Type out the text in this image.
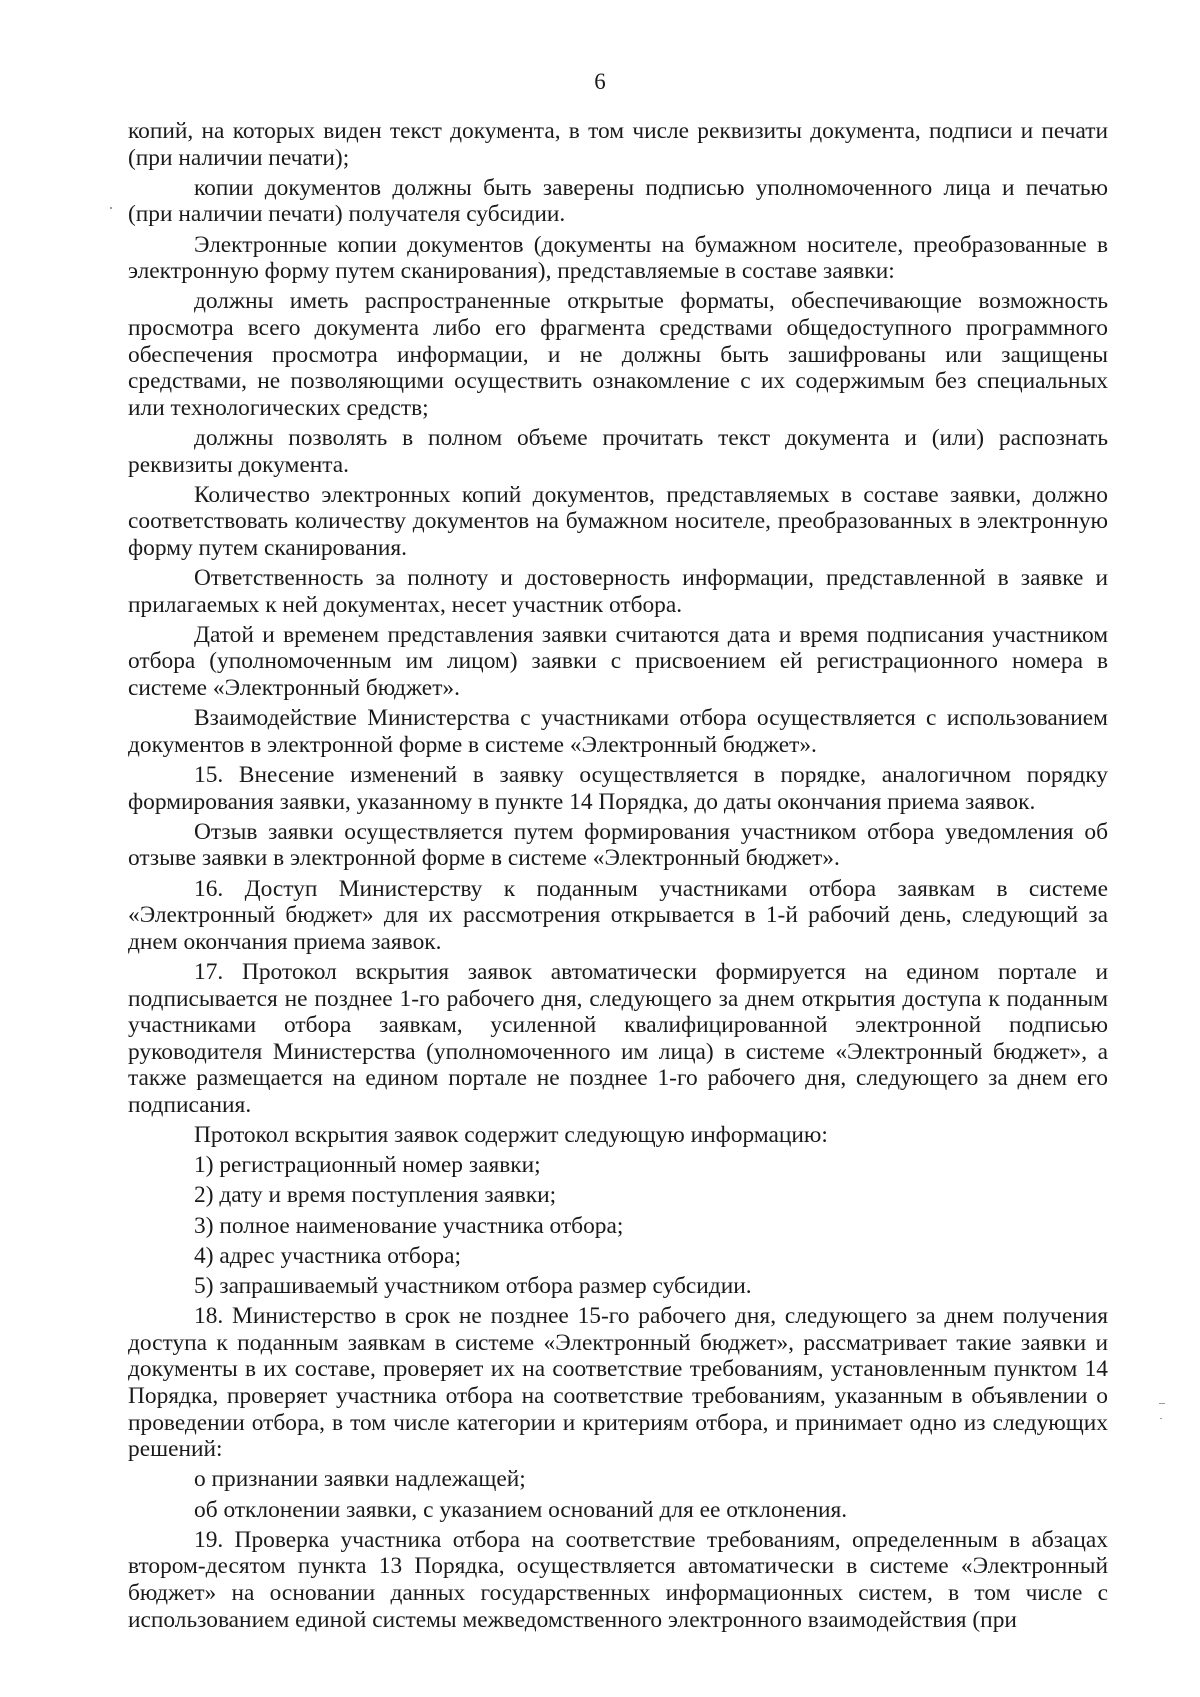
6

копий, на которых виден текст документа, в том числе реквизиты документа, подписи и печати (при наличии печати);

копии документов должны быть заверены подписью уполномоченного лица и печатью (при наличии печати) получателя субсидии.

Электронные копии документов (документы на бумажном носителе, преобразованные в электронную форму путем сканирования), представляемые в составе заявки:

должны иметь распространенные открытые форматы, обеспечивающие возможность просмотра всего документа либо его фрагмента средствами общедоступного программного обеспечения просмотра информации, и не должны быть зашифрованы или защищены средствами, не позволяющими осуществить ознакомление с их содержимым без специальных или технологических средств;

должны позволять в полном объеме прочитать текст документа и (или) распознать реквизиты документа.

Количество электронных копий документов, представляемых в составе заявки, должно соответствовать количеству документов на бумажном носителе, преобразованных в электронную форму путем сканирования.

Ответственность за полноту и достоверность информации, представленной в заявке и прилагаемых к ней документах, несет участник отбора.

Датой и временем представления заявки считаются дата и время подписания участником отбора (уполномоченным им лицом) заявки с присвоением ей регистрационного номера в системе «Электронный бюджет».

Взаимодействие Министерства с участниками отбора осуществляется с использованием документов в электронной форме в системе «Электронный бюджет».

15. Внесение изменений в заявку осуществляется в порядке, аналогичном порядку формирования заявки, указанному в пункте 14 Порядка, до даты окончания приема заявок.

Отзыв заявки осуществляется путем формирования участником отбора уведомления об отзыве заявки в электронной форме в системе «Электронный бюджет».

16. Доступ Министерству к поданным участниками отбора заявкам в системе «Электронный бюджет» для их рассмотрения открывается в 1-й рабочий день, следующий за днем окончания приема заявок.

17. Протокол вскрытия заявок автоматически формируется на едином портале и подписывается не позднее 1-го рабочего дня, следующего за днем открытия доступа к поданным участниками отбора заявкам, усиленной квалифицированной электронной подписью руководителя Министерства (уполномоченного им лица) в системе «Электронный бюджет», а также размещается на едином портале не позднее 1-го рабочего дня, следующего за днем его подписания.

Протокол вскрытия заявок содержит следующую информацию:

1) регистрационный номер заявки;

2) дату и время поступления заявки;

3) полное наименование участника отбора;

4) адрес участника отбора;

5) запрашиваемый участником отбора размер субсидии.

18. Министерство в срок не позднее 15-го рабочего дня, следующего за днем получения доступа к поданным заявкам в системе «Электронный бюджет», рассматривает такие заявки и документы в их составе, проверяет их на соответствие требованиям, установленным пунктом 14 Порядка, проверяет участника отбора на соответствие требованиям, указанным в объявлении о проведении отбора, в том числе категории и критериям отбора, и принимает одно из следующих решений:

о признании заявки надлежащей;

об отклонении заявки, с указанием оснований для ее отклонения.

19. Проверка участника отбора на соответствие требованиям, определенным в абзацах втором-десятом пункта 13 Порядка, осуществляется автоматически в системе «Электронный бюджет» на основании данных государственных информационных систем, в том числе с использованием единой системы межведомственного электронного взаимодействия (при
